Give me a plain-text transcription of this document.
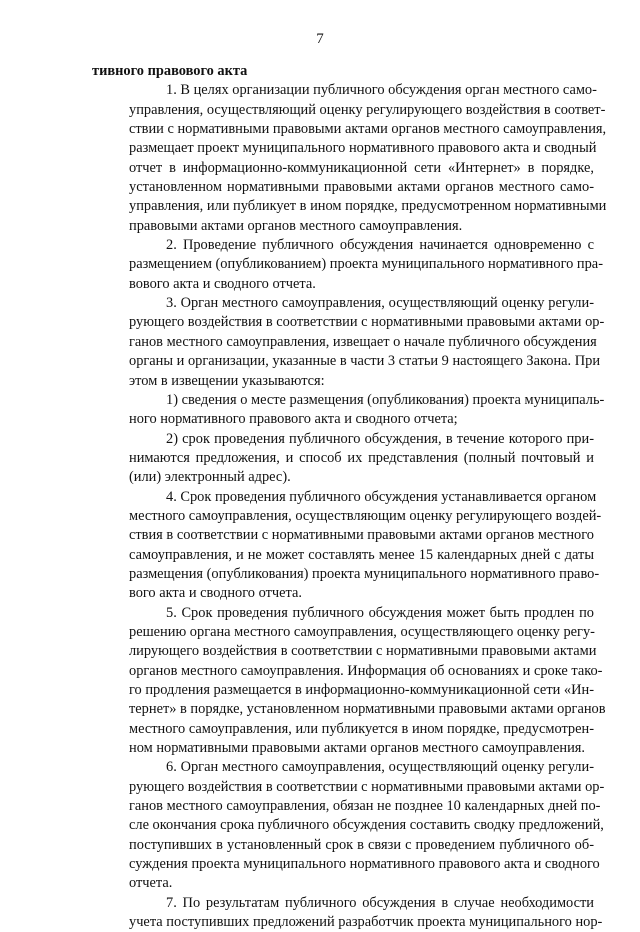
7
тивного правового акта
1. В целях организации публичного обсуждения орган местного само-
управления, осуществляющий оценку регулирующего воздействия в соответ-
ствии с нормативными правовыми актами органов местного самоуправления,
размещает проект муниципального нормативного правового акта и сводный
отчет в информационно-коммуникационной сети «Интернет» в порядке,
установленном нормативными правовыми актами органов местного само-
управления, или публикует в ином порядке, предусмотренном нормативными
правовыми актами органов местного самоуправления.
2. Проведение публичного обсуждения начинается одновременно с
размещением (опубликованием) проекта муниципального нормативного пра-
вового акта и сводного отчета.
3. Орган местного самоуправления, осуществляющий оценку регули-
рующего воздействия в соответствии с нормативными правовыми актами ор-
ганов местного самоуправления, извещает о начале публичного обсуждения
органы и организации, указанные в части 3 статьи 9 настоящего Закона. При
этом в извещении указываются:
1) сведения о месте размещения (опубликования) проекта муниципаль-
ного нормативного правового акта и сводного отчета;
2) срок проведения публичного обсуждения, в течение которого при-
нимаются предложения, и способ их представления (полный почтовый и
(или) электронный адрес).
4. Срок проведения публичного обсуждения устанавливается органом
местного самоуправления, осуществляющим оценку регулирующего воздей-
ствия в соответствии с нормативными правовыми актами органов местного
самоуправления, и не может составлять менее 15 календарных дней с даты
размещения (опубликования) проекта муниципального нормативного право-
вого акта и сводного отчета.
5. Срок проведения публичного обсуждения может быть продлен по
решению органа местного самоуправления, осуществляющего оценку регу-
лирующего воздействия в соответствии с нормативными правовыми актами
органов местного самоуправления. Информация об основаниях и сроке тако-
го продления размещается в информационно-коммуникационной сети «Ин-
тернет» в порядке, установленном нормативными правовыми актами органов
местного самоуправления, или публикуется в ином порядке, предусмотрен-
ном нормативными правовыми актами органов местного самоуправления.
6. Орган местного самоуправления, осуществляющий оценку регули-
рующего воздействия в соответствии с нормативными правовыми актами ор-
ганов местного самоуправления, обязан не позднее 10 календарных дней по-
сле окончания срока публичного обсуждения составить сводку предложений,
поступивших в установленный срок в связи с проведением публичного об-
суждения проекта муниципального нормативного правового акта и сводного
отчета.
7. По результатам публичного обсуждения в случае необходимости
учета поступивших предложений разработчик проекта муниципального нор-
